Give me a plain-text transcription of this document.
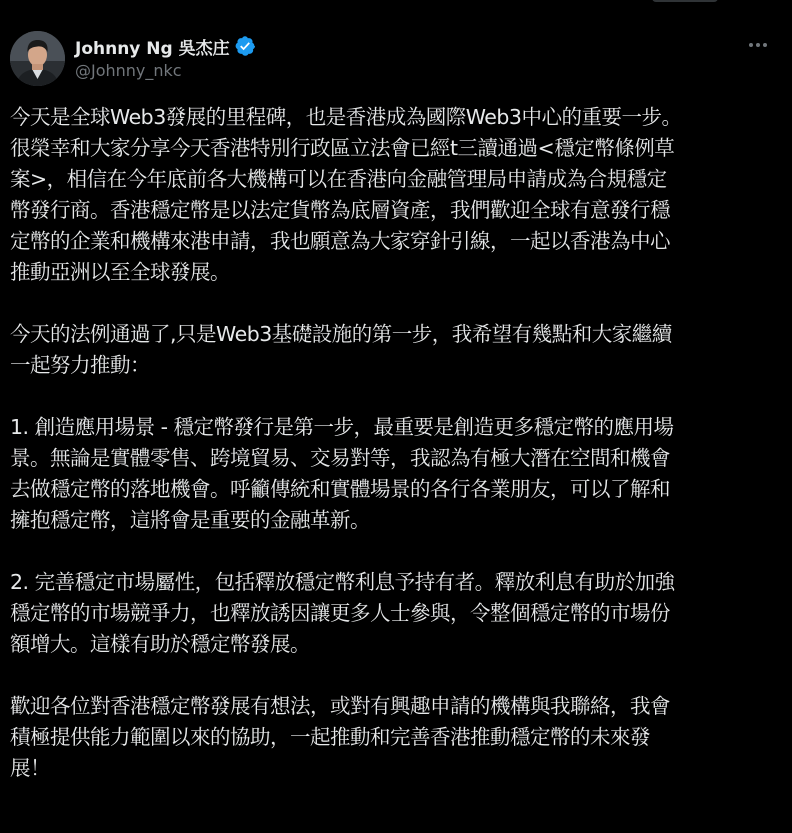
Johnny Ng 吳杰庄
@Johnny_nkc

今天是全球Web3發展的里程碑，也是香港成為國際Web3中心的重要一步。
很榮幸和大家分享今天香港特別行政區立法會已經t三讀通過<穩定幣條例草
案>，相信在今年底前各大機構可以在香港向金融管理局申請成為合規穩定
幣發行商。香港穩定幣是以法定貨幣為底層資產，我們歡迎全球有意發行穩
定幣的企業和機構來港申請，我也願意為大家穿針引線，一起以香港為中心
推動亞洲以至全球發展。

今天的法例通過了,只是Web3基礎設施的第一步，我希望有幾點和大家繼續
一起努力推動：

1. 創造應用場景 - 穩定幣發行是第一步，最重要是創造更多穩定幣的應用場
景。無論是實體零售、跨境貿易、交易對等，我認為有極大潛在空間和機會
去做穩定幣的落地機會。呼籲傳統和實體場景的各行各業朋友，可以了解和
擁抱穩定幣，這將會是重要的金融革新。

2. 完善穩定市場屬性，包括釋放穩定幣利息予持有者。釋放利息有助於加強
穩定幣的市場競爭力，也釋放誘因讓更多人士參與，令整個穩定幣的市場份
額增大。這樣有助於穩定幣發展。

歡迎各位對香港穩定幣發展有想法，或對有興趣申請的機構與我聯絡，我會
積極提供能力範圍以來的協助，一起推動和完善香港推動穩定幣的未來發
展！
